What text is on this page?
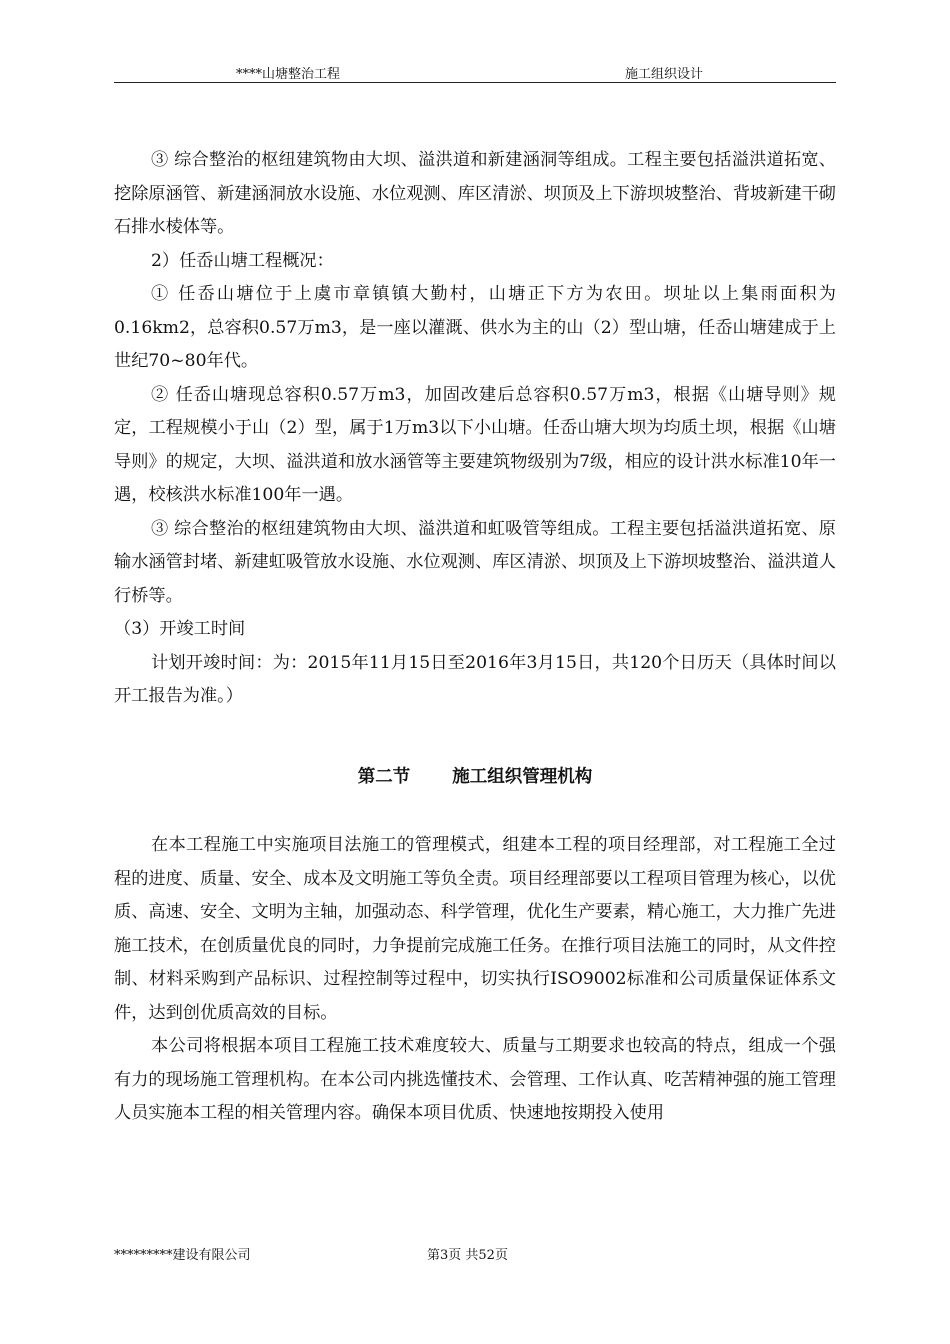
****山塘整治工程	施工组织设计

③ 综合整治的枢纽建筑物由大坝、溢洪道和新建涵洞等组成。工程主要包括溢洪道拓宽、挖除原涵管、新建涵洞放水设施、水位观测、库区清淤、坝顶及上下游坝坡整治、背坡新建干砌石排水棱体等。

2）任岙山塘工程概况：

① 任岙山塘位于上虞市章镇镇大勤村，山塘正下方为农田。坝址以上集雨面积为0.16km2，总容积0.57万m3，是一座以灌溉、供水为主的山（2）型山塘，任岙山塘建成于上世纪70~80年代。

② 任岙山塘现总容积0.57万m3，加固改建后总容积0.57万m3，根据《山塘导则》规定，工程规模小于山（2）型，属于1万m3以下小山塘。任岙山塘大坝为均质土坝，根据《山塘导则》的规定，大坝、溢洪道和放水涵管等主要建筑物级别为7级，相应的设计洪水标准10年一遇，校核洪水标准100年一遇。

③ 综合整治的枢纽建筑物由大坝、溢洪道和虹吸管等组成。工程主要包括溢洪道拓宽、原输水涵管封堵、新建虹吸管放水设施、水位观测、库区清淤、坝顶及上下游坝坡整治、溢洪道人行桥等。

（3）开竣工时间

计划开竣时间：为：2015年11月15日至2016年3月15日，共120个日历天（具体时间以开工报告为准。）

第二节 施工组织管理机构

在本工程施工中实施项目法施工的管理模式，组建本工程的项目经理部，对工程施工全过程的进度、质量、安全、成本及文明施工等负全责。项目经理部要以工程项目管理为核心，以优质、高速、安全、文明为主轴，加强动态、科学管理，优化生产要素，精心施工，大力推广先进施工技术，在创质量优良的同时，力争提前完成施工任务。在推行项目法施工的同时，从文件控制、材料采购到产品标识、过程控制等过程中，切实执行ISO9002标准和公司质量保证体系文件，达到创优质高效的目标。

本公司将根据本项目工程施工技术难度较大、质量与工期要求也较高的特点，组成一个强有力的现场施工管理机构。在本公司内挑选懂技术、会管理、工作认真、吃苦精神强的施工管理人员实施本工程的相关管理内容。确保本项目优质、快速地按期投入使用

*********建设有限公司	第3页 共52页
